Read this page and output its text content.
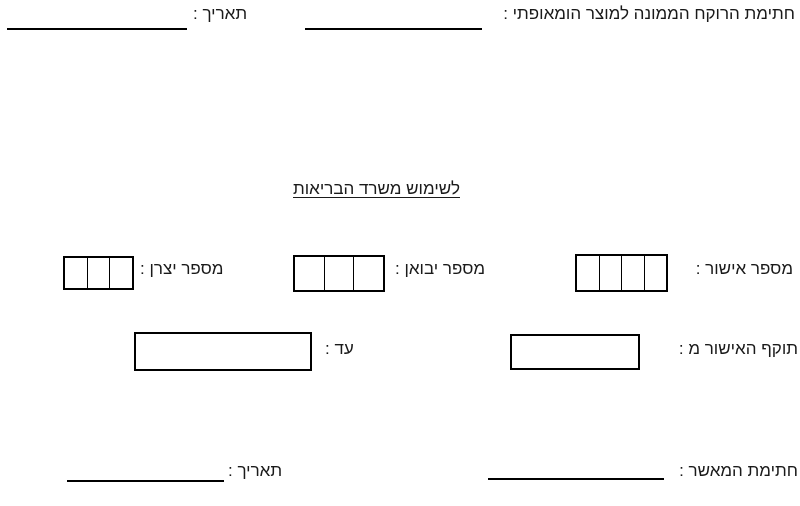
חתימת הרוקח הממונה למוצר הומאופתי :
תאריך :
לשימוש משרד הבריאות
מספר אישור :
מספר יבואן :
מספר יצרן :
תוקף האישור מ :
עד :
חתימת המאשר :
תאריך :
